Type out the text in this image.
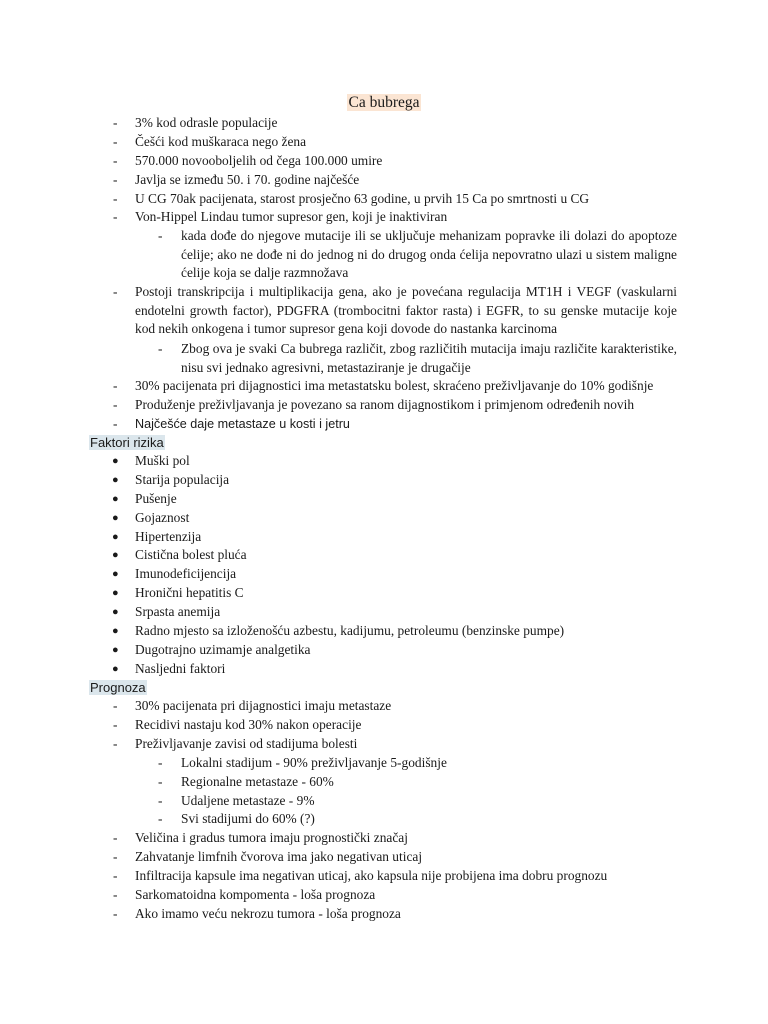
Ca bubrega
- 3% kod odrasle populacije
- Češći kod muškaraca nego žena
- 570.000 novooboljelih od čega 100.000 umire
- Javlja se između 50. i 70. godine najčešće
- U CG 70ak pacijenata, starost prosječno 63 godine, u prvih 15 Ca po smrtnosti u CG
- Von-Hippel Lindau tumor supresor gen, koji je inaktiviran
- kada dođe do njegove mutacije ili se uključuje mehanizam popravke ili dolazi do apoptoze ćelije; ako ne dođe ni do jednog ni do drugog onda ćelija nepovratno ulazi u sistem maligne ćelije koja se dalje razmnožava
- Postoji transkripcija i multiplikacija gena, ako je povećana regulacija MT1H i VEGF (vaskularni endotelni growth factor), PDGFRA (trombocitni faktor rasta) i EGFR, to su genske mutacije koje kod nekih onkogena i tumor supresor gena koji dovode do nastanka karcinoma
- Zbog ova je svaki Ca bubrega različit, zbog različitih mutacija imaju različite karakteristike, nisu svi jednako agresivni, metastaziranje je drugačije
- 30% pacijenata pri dijagnostici ima metastatsku bolest, skraćeno preživljavanje do 10% godišnje
- Produženje preživljavanja je povezano sa ranom dijagnostikom i primjenom određenih novih
- Najčešće daje metastaze u kosti i jetru
Faktori rizika
● Muški pol
● Starija populacija
● Pušenje
● Gojaznost
● Hipertenzija
● Cistična bolest pluća
● Imunodeficijencija
● Hronični hepatitis C
● Srpasta anemija
● Radno mjesto sa izloženošću azbestu, kadijumu, petroleumu (benzinske pumpe)
● Dugotrajno uzimamje analgetika
● Nasljedni faktori
Prognoza
- 30% pacijenata pri dijagnostici imaju metastaze
- Recidivi nastaju kod 30% nakon operacije
- Preživljavanje zavisi od stadijuma bolesti
- Lokalni stadijum - 90% preživljavanje 5-godišnje
- Regionalne metastaze - 60%
- Udaljene metastaze - 9%
- Svi stadijumi do 60% (?)
- Veličina i gradus tumora imaju prognostički značaj
- Zahvatanje limfnih čvorova ima jako negativan uticaj
- Infiltracija kapsule ima negativan uticaj, ako kapsula nije probijena ima dobru prognozu
- Sarkomatoidna kompomenta - loša prognoza
- Ako imamo veću nekrozu tumora - loša prognoza
